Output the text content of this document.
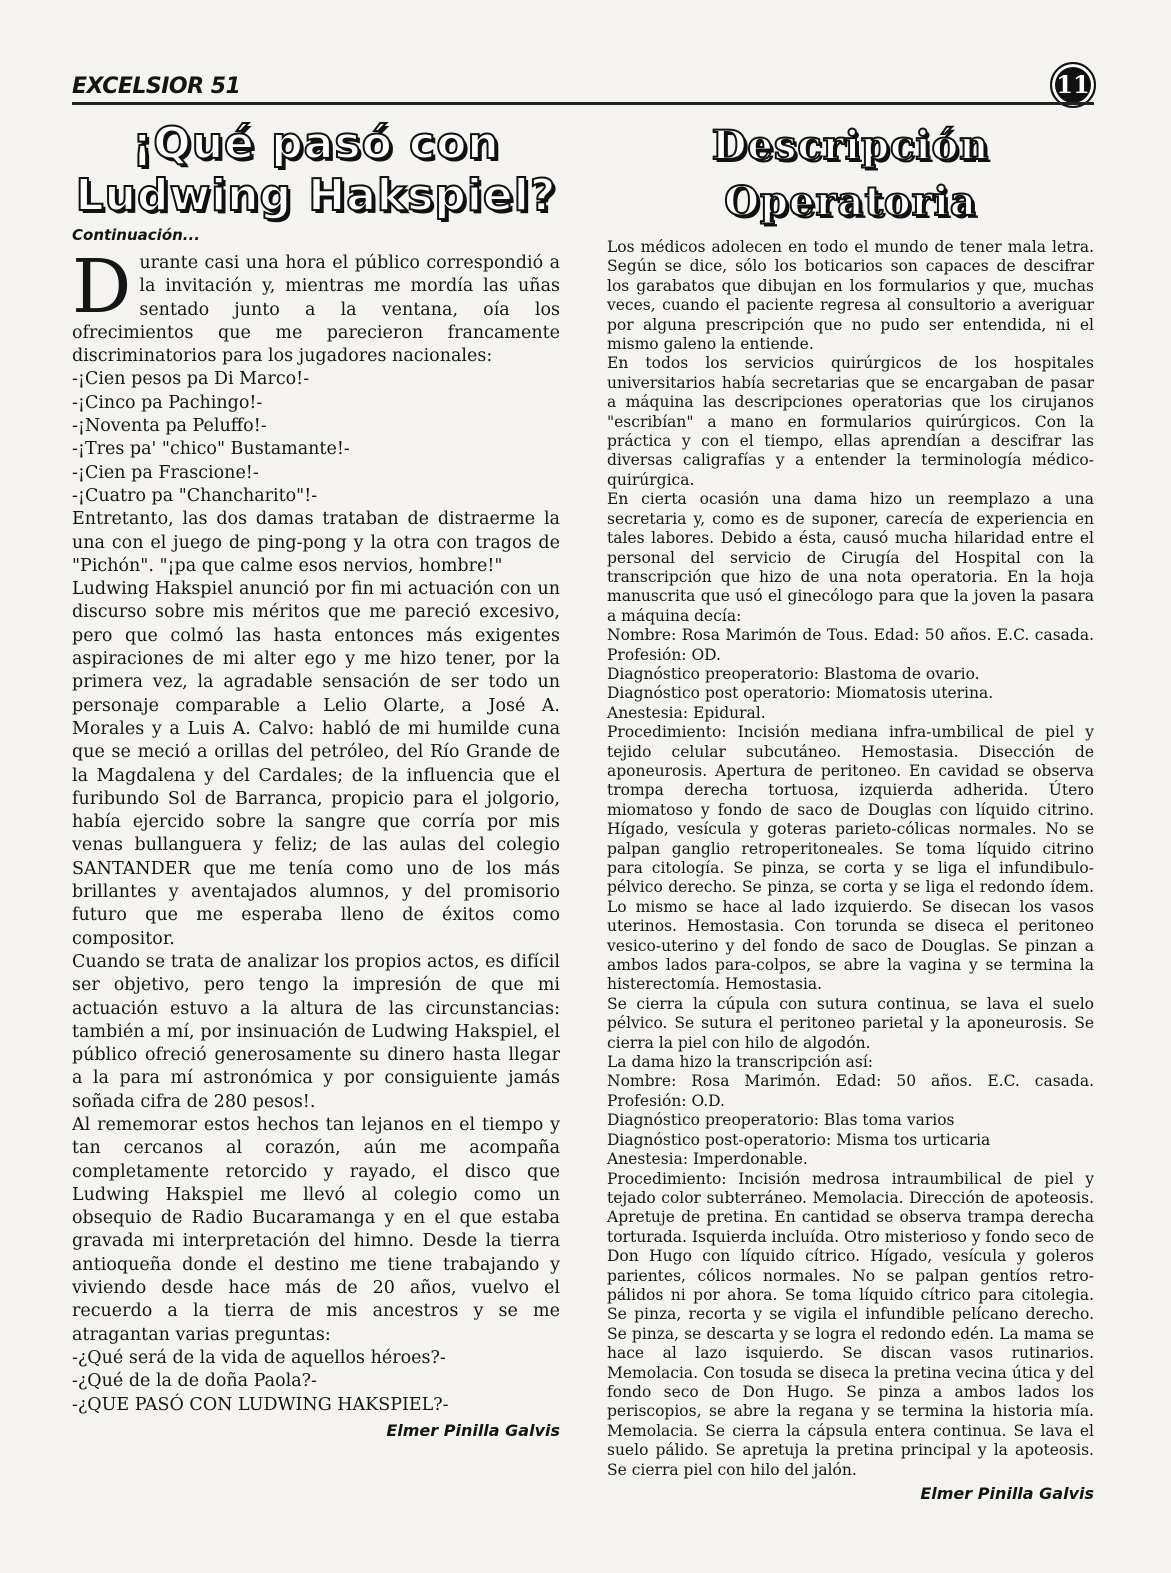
EXCELSIOR 51	11
¡Qué pasó con
Ludwing Hakspiel?
Continuación...

Durante casi una hora el público correspondió a la invitación y, mientras me mordía las uñas sentado junto a la ventana, oía los ofrecimientos que me parecieron francamente discriminatorios para los jugadores nacionales:

-¡Cien pesos pa Di Marco!-

-¡Cinco pa Pachingo!-

-¡Noventa pa Peluffo!-

-¡Tres pa' "chico" Bustamante!-

-¡Cien pa Frascione!-

-¡Cuatro pa "Chancharito"!-

Entretanto, las dos damas trataban de distraerme la una con el juego de ping-pong y la otra con tragos de "Pichón". "¡pa que calme esos nervios, hombre!"

Ludwing Hakspiel anunció por fin mi actuación con un discurso sobre mis méritos que me pareció excesivo, pero que colmó las hasta entonces más exigentes aspiraciones de mi alter ego y me hizo tener, por la primera vez, la agradable sensación de ser todo un personaje comparable a Lelio Olarte, a José A. Morales y a Luis A. Calvo: habló de mi humilde cuna que se meció a orillas del petróleo, del Río Grande de la Magdalena y del Cardales; de la influencia que el furibundo Sol de Barranca, propicio para el jolgorio, había ejercido sobre la sangre que corría por mis venas bullanguera y feliz; de las aulas del colegio SANTANDER que me tenía como uno de los más brillantes y aventajados alumnos, y del promisorio futuro que me esperaba lleno de éxitos como compositor.

Cuando se trata de analizar los propios actos, es difícil ser objetivo, pero tengo la impresión de que mi actuación estuvo a la altura de las circunstancias: también a mí, por insinuación de Ludwing Hakspiel, el público ofreció generosamente su dinero hasta llegar a la para mí astronómica y por consiguiente jamás soñada cifra de 280 pesos!.

Al rememorar estos hechos tan lejanos en el tiempo y tan cercanos al corazón, aún me acompaña completamente retorcido y rayado, el disco que Ludwing Hakspiel me llevó al colegio como un obsequio de Radio Bucaramanga y en el que estaba gravada mi interpretación del himno. Desde la tierra antioqueña donde el destino me tiene trabajando y viviendo desde hace más de 20 años, vuelvo el recuerdo a la tierra de mis ancestros y se me atragantan varias preguntas:

-¿Qué será de la vida de aquellos héroes?-

-¿Qué de la de doña Paola?-

-¿QUE PASÓ CON LUDWING HAKSPIEL?-

Elmer Pinilla Galvis
Descripción Operatoria

Los médicos adolecen en todo el mundo de tener mala letra. Según se dice, sólo los boticarios son capaces de descifrar los garabatos que dibujan en los formularios y que, muchas veces, cuando el paciente regresa al consultorio a averiguar por alguna prescripción que no pudo ser entendida, ni el mismo galeno la entiende.

En todos los servicios quirúrgicos de los hospitales universitarios había secretarias que se encargaban de pasar a máquina las descripciones operatorias que los cirujanos "escribían" a mano en formularios quirúrgicos. Con la práctica y con el tiempo, ellas aprendían a descifrar las diversas caligrafías y a entender la terminología médico-quirúrgica.

En cierta ocasión una dama hizo un reemplazo a una secretaria y, como es de suponer, carecía de experiencia en tales labores. Debido a ésta, causó mucha hilaridad entre el personal del servicio de Cirugía del Hospital con la transcripción que hizo de una nota operatoria. En la hoja manuscrita que usó el ginecólogo para que la joven la pasara a máquina decía:

Nombre: Rosa Marimón de Tous. Edad: 50 años. E.C. casada. Profesión: OD.

Diagnóstico preoperatorio: Blastoma de ovario.

Diagnóstico post operatorio: Miomatosis uterina.

Anestesia: Epidural.

Procedimiento: Incisión mediana infra-umbilical de piel y tejido celular subcutáneo. Hemostasia. Disección de aponeurosis. Apertura de peritoneo. En cavidad se observa trompa derecha tortuosa, izquierda adherida. Útero miomatoso y fondo de saco de Douglas con líquido citrino. Hígado, vesícula y goteras parieto-cólicas normales. No se palpan ganglio retroperitoneales. Se toma líquido citrino para citología. Se pinza, se corta y se liga el infundibulo-pélvico derecho. Se pinza, se corta y se liga el redondo ídem. Lo mismo se hace al lado izquierdo. Se disecan los vasos uterinos. Hemostasia. Con torunda se diseca el peritoneo vesico-uterino y del fondo de saco de Douglas. Se pinzan a ambos lados para-colpos, se abre la vagina y se termina la histerectomía. Hemostasia.

Se cierra la cúpula con sutura continua, se lava el suelo pélvico. Se sutura el peritoneo parietal y la aponeurosis. Se cierra la piel con hilo de algodón.

La dama hizo la transcripción así:

Nombre: Rosa Marimón. Edad: 50 años. E.C. casada. Profesión: O.D.

Diagnóstico preoperatorio: Blas toma varios

Diagnóstico post-operatorio: Misma tos urticaria

Anestesia: Imperdonable.

Procedimiento: Incisión medrosa intraumbilical de piel y tejado color subterráneo. Memolacia. Dirección de apoteosis. Apretuje de pretina. En cantidad se observa trampa derecha torturada. Isquierda incluída. Otro misterioso y fondo seco de Don Hugo con líquido cítrico. Hígado, vesícula y goleros parientes, cólicos normales. No se palpan gentíos retro-pálidos ni por ahora. Se toma líquido cítrico para citolegia. Se pinza, recorta y se vigila el infundible pelícano derecho. Se pinza, se descarta y se logra el redondo edén. La mama se hace al lazo isquierdo. Se discan vasos rutinarios. Memolacia. Con tosuda se diseca la pretina vecina útica y del fondo seco de Don Hugo. Se pinza a ambos lados los periscopios, se abre la regana y se termina la historia mía. Memolacia. Se cierra la cápsula entera continua. Se lava el suelo pálido. Se apretuja la pretina principal y la apoteosis. Se cierra piel con hilo del jalón.

Elmer Pinilla Galvis
